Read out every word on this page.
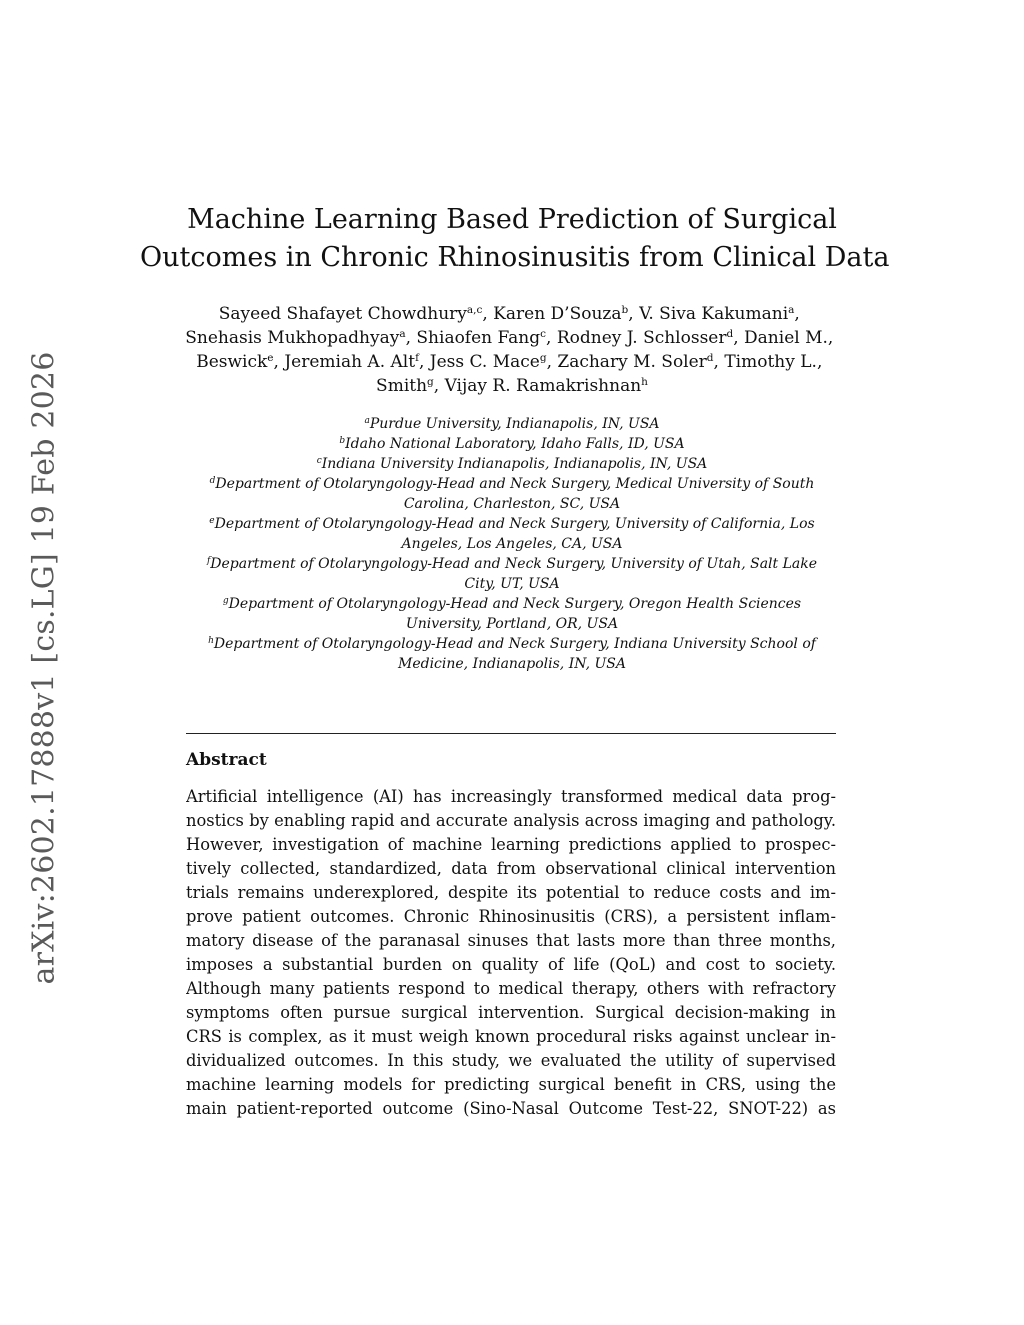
arXiv:2602.17888v1 [cs.LG] 19 Feb 2026
Machine Learning Based Prediction of Surgical
Outcomes in Chronic Rhinosinusitis from Clinical Data
Sayeed Shafayet Chowdhury$^{a,c}$, Karen D’Souza$^b$, V. Siva Kakumani$^a$,
Snehasis Mukhopadhyay$^a$, Shiaofen Fang$^c$, Rodney J. Schlosser$^d$, Daniel M.,
Beswick$^e$, Jeremiah A. Alt$^f$, Jess C. Mace$^g$, Zachary M. Soler$^d$, Timothy L.,
Smith$^g$, Vijay R. Ramakrishnan$^h$
$^a$Purdue University, Indianapolis, IN, USA
$^b$Idaho National Laboratory, Idaho Falls, ID, USA
$^c$Indiana University Indianapolis, Indianapolis, IN, USA
$^d$Department of Otolaryngology-Head and Neck Surgery, Medical University of South
Carolina, Charleston, SC, USA
$^e$Department of Otolaryngology-Head and Neck Surgery, University of California, Los
Angeles, Los Angeles, CA, USA
$^f$Department of Otolaryngology-Head and Neck Surgery, University of Utah, Salt Lake
City, UT, USA
$^g$Department of Otolaryngology-Head and Neck Surgery, Oregon Health Sciences
University, Portland, OR, USA
$^h$Department of Otolaryngology-Head and Neck Surgery, Indiana University School of
Medicine, Indianapolis, IN, USA
Abstract
Artificial intelligence (AI) has increasingly transformed medical data prog-
nostics by enabling rapid and accurate analysis across imaging and pathology.
However, investigation of machine learning predictions applied to prospec-
tively collected, standardized, data from observational clinical intervention
trials remains underexplored, despite its potential to reduce costs and im-
prove patient outcomes. Chronic Rhinosinusitis (CRS), a persistent inflam-
matory disease of the paranasal sinuses that lasts more than three months,
imposes a substantial burden on quality of life (QoL) and cost to society.
Although many patients respond to medical therapy, others with refractory
symptoms often pursue surgical intervention. Surgical decision-making in
CRS is complex, as it must weigh known procedural risks against unclear in-
dividualized outcomes. In this study, we evaluated the utility of supervised
machine learning models for predicting surgical benefit in CRS, using the
main patient-reported outcome (Sino-Nasal Outcome Test-22, SNOT-22) as
